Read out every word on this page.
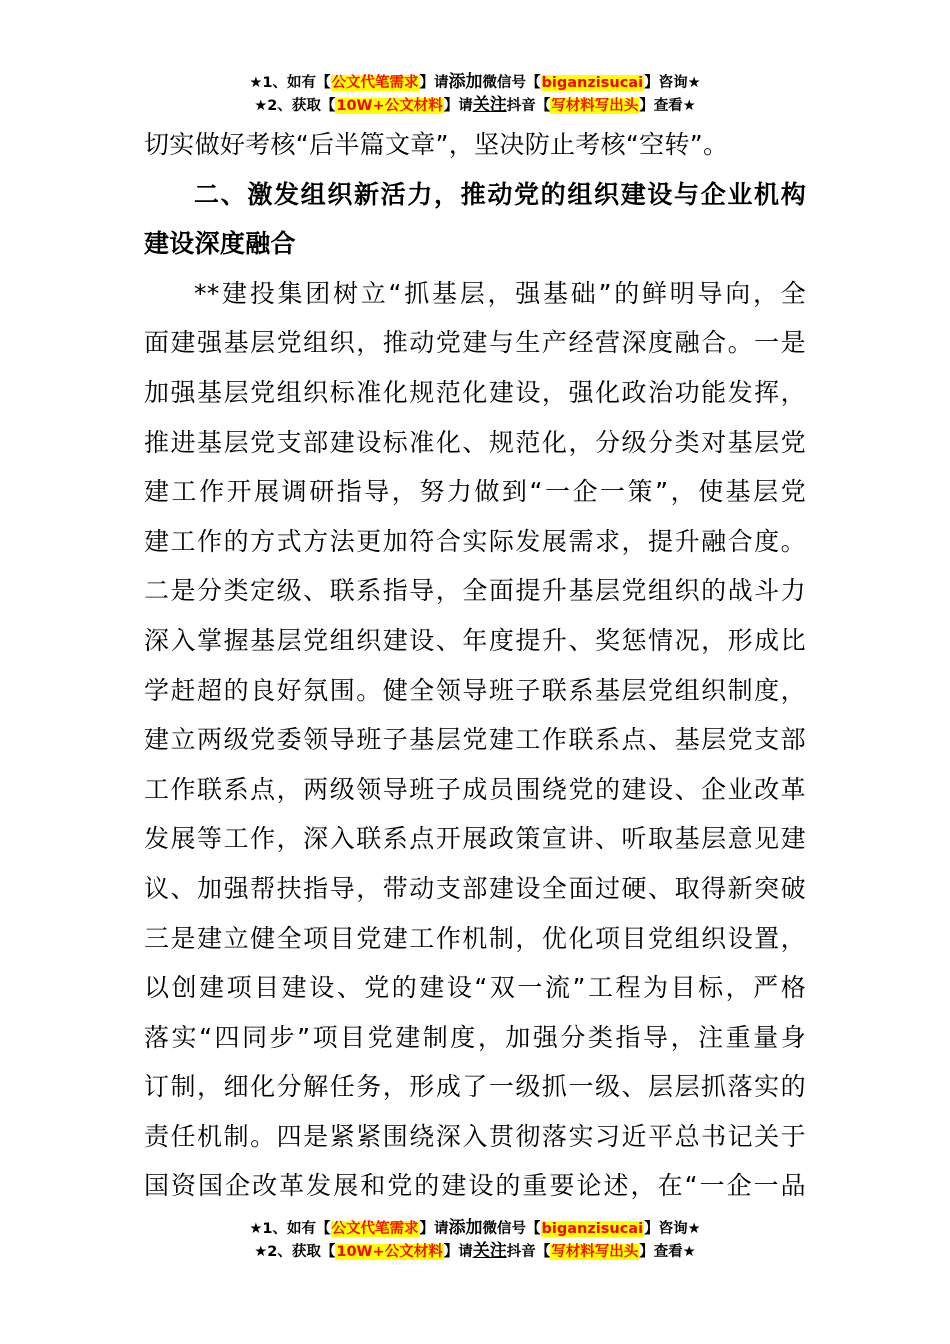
★1、如有【公文代笔需求】请添加微信号【biganzisucai】咨询★
★2、获取【10W+公文材料】请关注抖音【写材料写出头】查看★
切实做好考核“后半篇文章”，坚决防止考核“空转”。
二、激发组织新活力，推动党的组织建设与企业机构
建设深度融合
**建投集团树立“抓基层，强基础”的鲜明导向，全
面建强基层党组织，推动党建与生产经营深度融合。一是
加强基层党组织标准化规范化建设，强化政治功能发挥，
推进基层党支部建设标准化、规范化，分级分类对基层党
建工作开展调研指导，努力做到“一企一策”，使基层党
建工作的方式方法更加符合实际发展需求，提升融合度。
二是分类定级、联系指导，全面提升基层党组织的战斗力
深入掌握基层党组织建设、年度提升、奖惩情况，形成比
学赶超的良好氛围。健全领导班子联系基层党组织制度，
建立两级党委领导班子基层党建工作联系点、基层党支部
工作联系点，两级领导班子成员围绕党的建设、企业改革
发展等工作，深入联系点开展政策宣讲、听取基层意见建
议、加强帮扶指导，带动支部建设全面过硬、取得新突破
三是建立健全项目党建工作机制，优化项目党组织设置，
以创建项目建设、党的建设“双一流”工程为目标，严格
落实“四同步”项目党建制度，加强分类指导，注重量身
订制，细化分解任务，形成了一级抓一级、层层抓落实的
责任机制。四是紧紧围绕深入贯彻落实习近平总书记关于
国资国企改革发展和党的建设的重要论述，在“一企一品
★1、如有【公文代笔需求】请添加微信号【biganzisucai】咨询★
★2、获取【10W+公文材料】请关注抖音【写材料写出头】查看★
